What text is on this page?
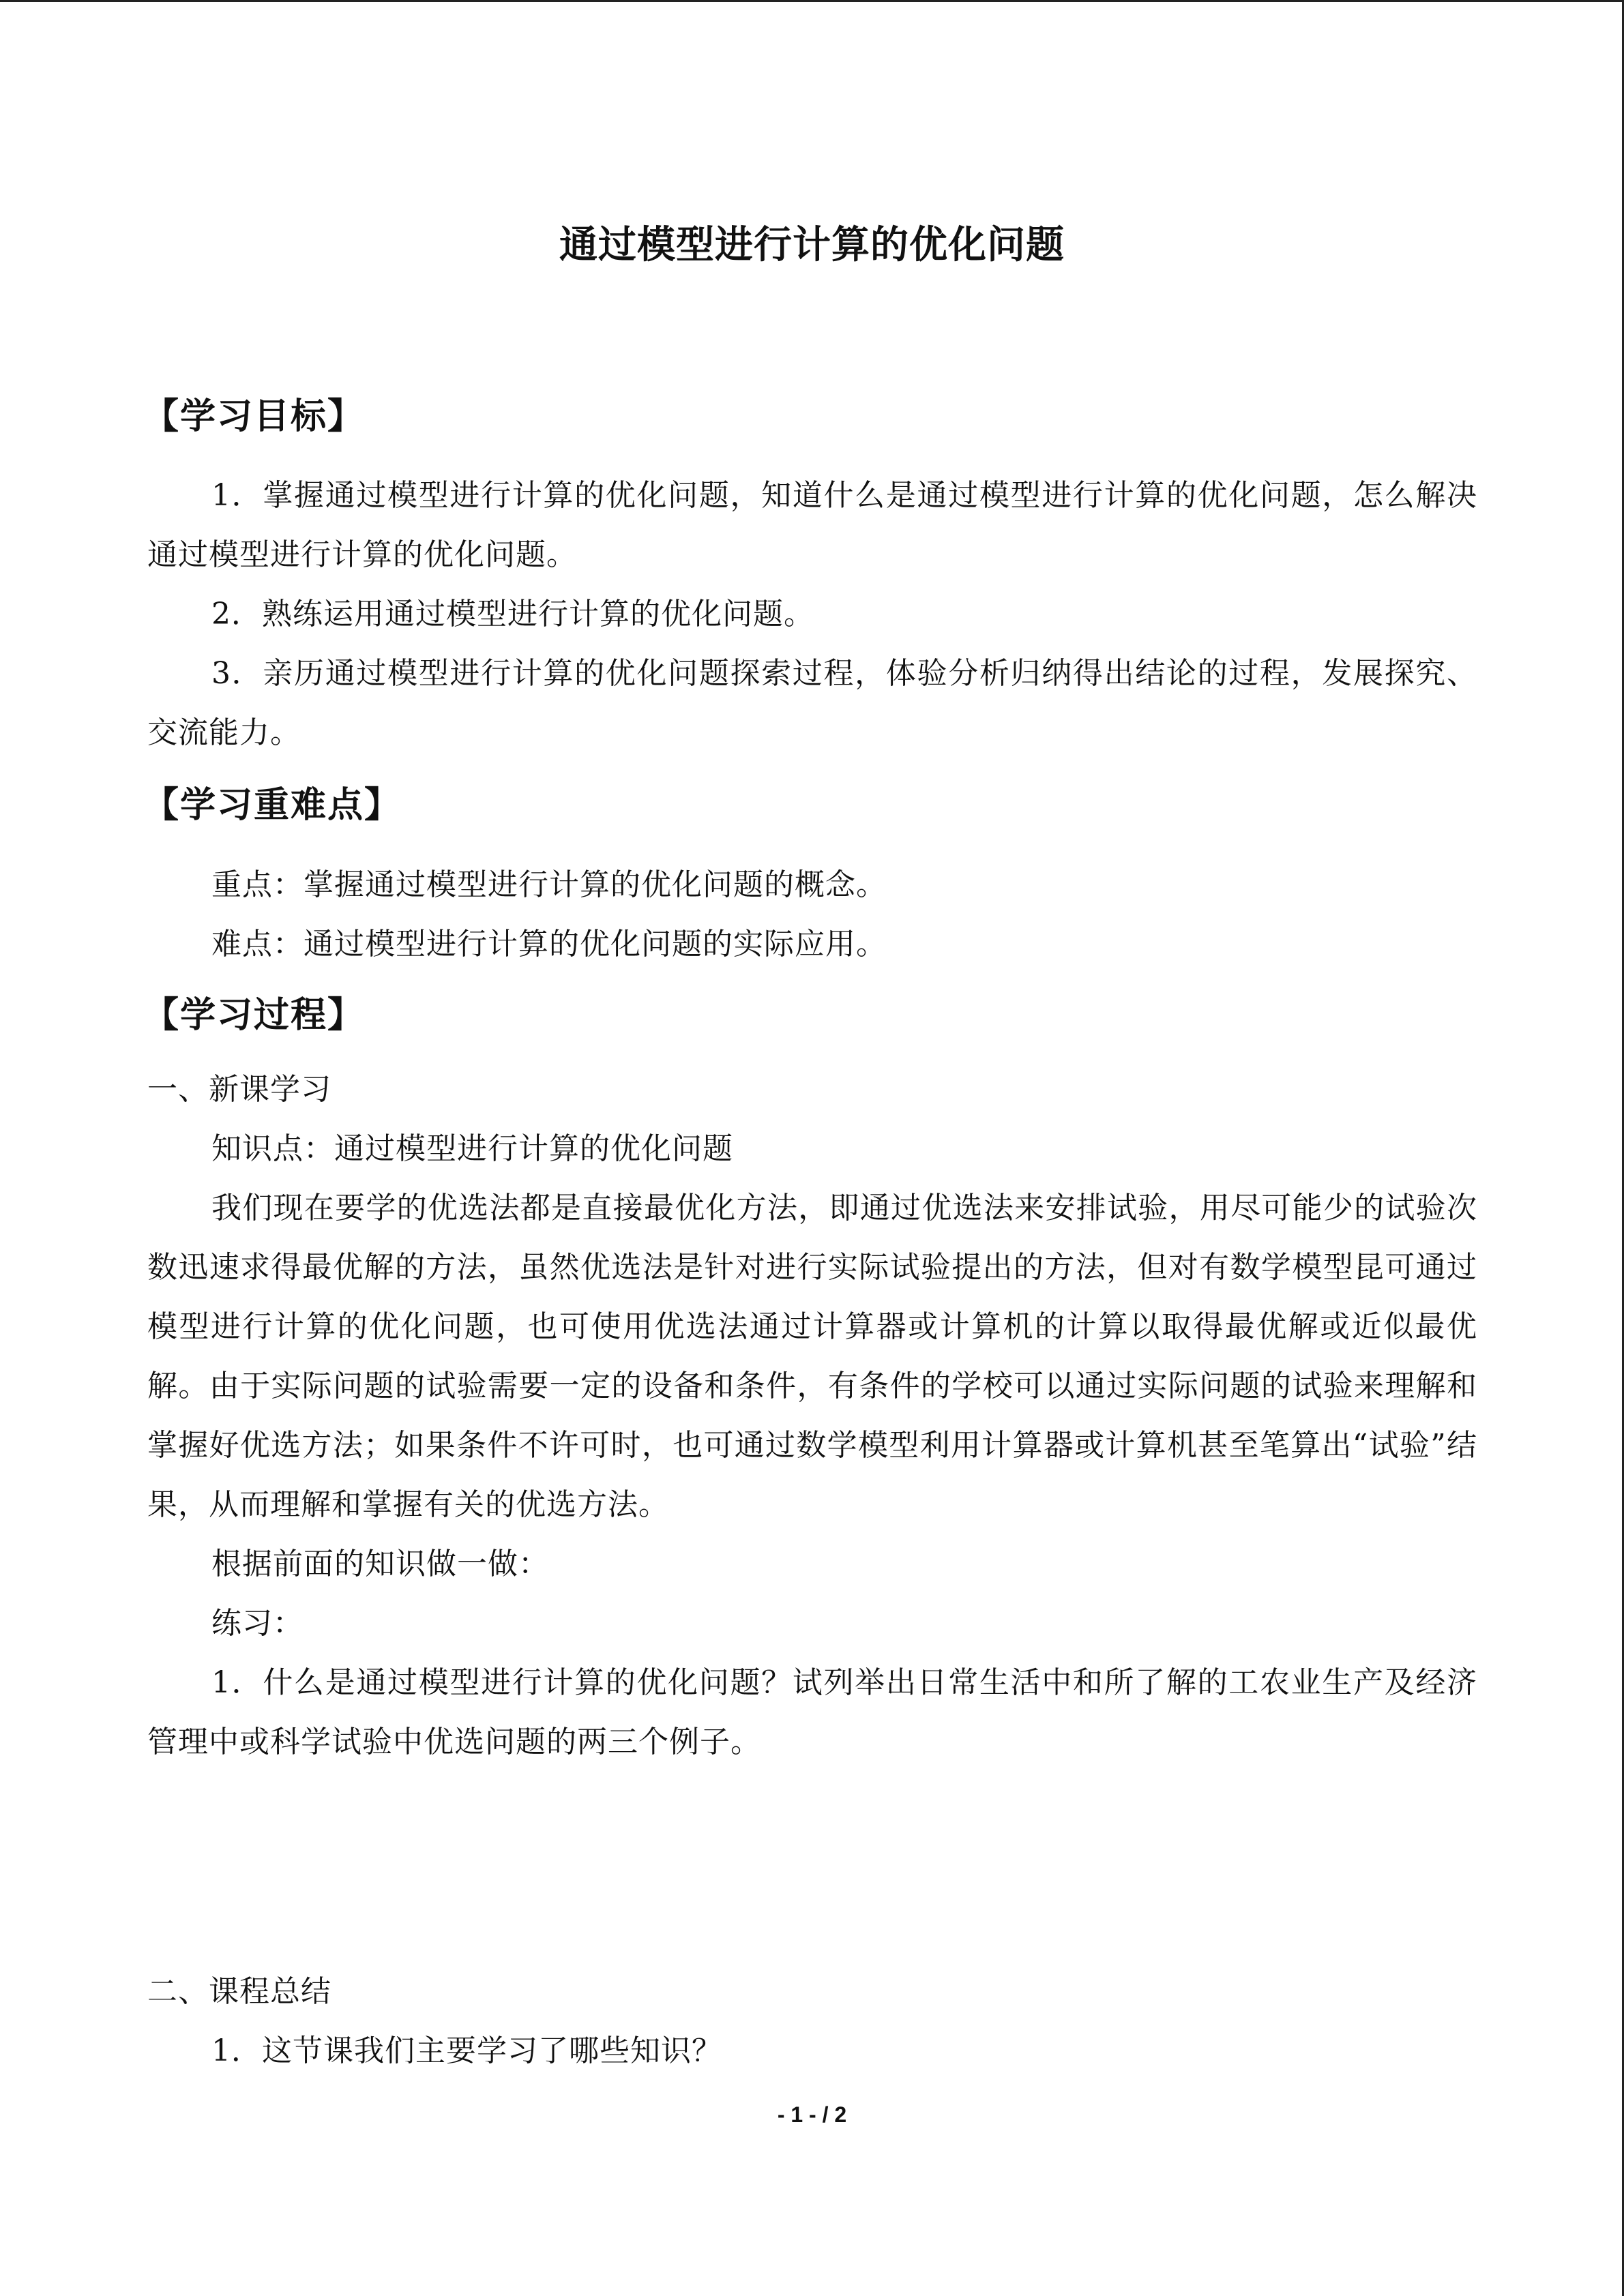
通过模型进行计算的优化问题
【学习目标】
1．掌握通过模型进行计算的优化问题，知道什么是通过模型进行计算的优化问题，怎么解决通过模型进行计算的优化问题。
2．熟练运用通过模型进行计算的优化问题。
3．亲历通过模型进行计算的优化问题探索过程，体验分析归纳得出结论的过程，发展探究、交流能力。
【学习重难点】
重点：掌握通过模型进行计算的优化问题的概念。
难点：通过模型进行计算的优化问题的实际应用。
【学习过程】
一、新课学习
知识点：通过模型进行计算的优化问题
我们现在要学的优选法都是直接最优化方法，即通过优选法来安排试验，用尽可能少的试验次数迅速求得最优解的方法，虽然优选法是针对进行实际试验提出的方法，但对有数学模型昆可通过模型进行计算的优化问题，也可使用优选法通过计算器或计算机的计算以取得最优解或近似最优解。由于实际问题的试验需要一定的设备和条件，有条件的学校可以通过实际问题的试验来理解和掌握好优选方法；如果条件不许可时，也可通过数学模型利用计算器或计算机甚至笔算出“试验”结果，从而理解和掌握有关的优选方法。
根据前面的知识做一做：
练习：
1．什么是通过模型进行计算的优化问题？试列举出日常生活中和所了解的工农业生产及经济管理中或科学试验中优选问题的两三个例子。
二、课程总结
1．这节课我们主要学习了哪些知识？
- 1 - / 2
